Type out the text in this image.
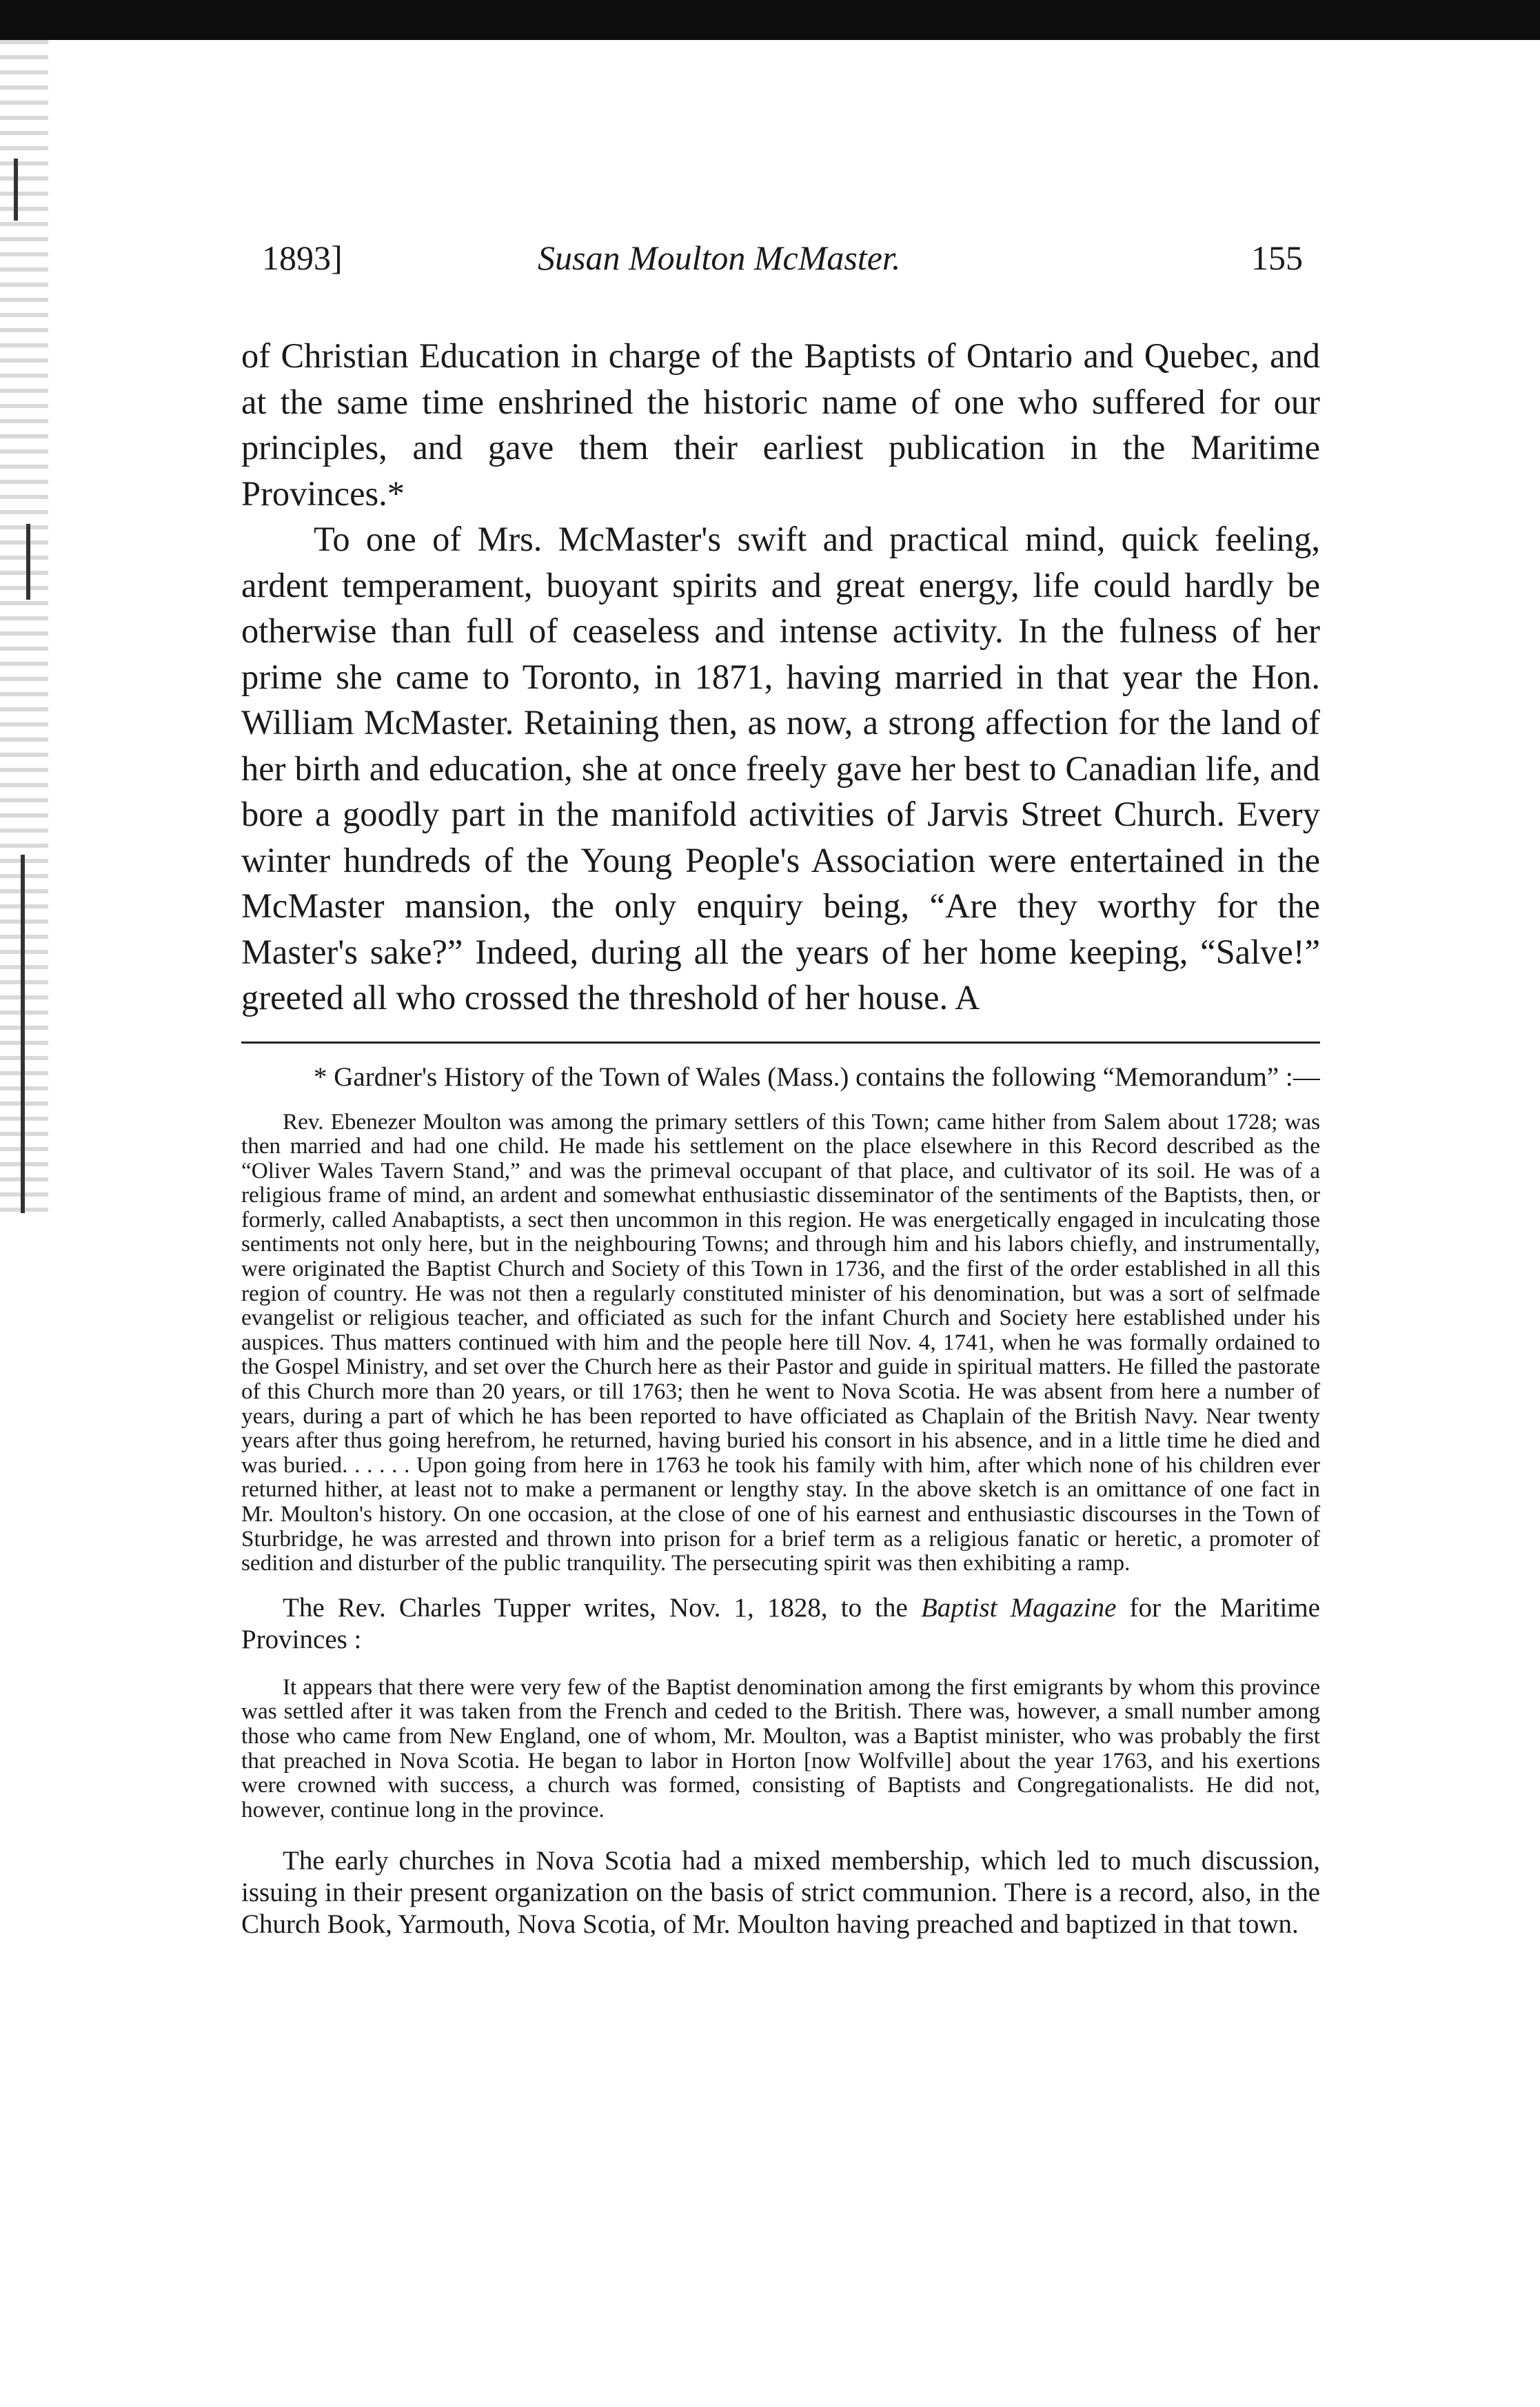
1893]	Susan Moulton McMaster.	155

of Christian Education in charge of the Baptists of Ontario and Quebec, and at the same time enshrined the historic name of one who suffered for our principles, and gave them their earliest publication in the Maritime Provinces.*

To one of Mrs. McMaster's swift and practical mind, quick feeling, ardent temperament, buoyant spirits and great energy, life could hardly be otherwise than full of ceaseless and intense activity. In the fulness of her prime she came to Toronto, in 1871, having married in that year the Hon. William McMaster. Retaining then, as now, a strong affection for the land of her birth and education, she at once freely gave her best to Canadian life, and bore a goodly part in the manifold activities of Jarvis Street Church. Every winter hundreds of the Young People's Association were entertained in the McMaster mansion, the only enquiry being, “Are they worthy for the Master's sake?” Indeed, during all the years of her home keeping, “Salve!” greeted all who crossed the threshold of her house. A

* Gardner's History of the Town of Wales (Mass.) contains the following “Memorandum” :—

Rev. Ebenezer Moulton was among the primary settlers of this Town; came hither from Salem about 1728; was then married and had one child. He made his settlement on the place elsewhere in this Record described as the “Oliver Wales Tavern Stand,” and was the primeval occupant of that place, and cultivator of its soil. He was of a religious frame of mind, an ardent and somewhat enthusiastic disseminator of the sentiments of the Baptists, then, or formerly, called Anabaptists, a sect then uncommon in this region. He was energetically engaged in inculcating those sentiments not only here, but in the neighbouring Towns; and through him and his labors chiefly, and instrumentally, were originated the Baptist Church and Society of this Town in 1736, and the first of the order established in all this region of country. He was not then a regularly constituted minister of his denomination, but was a sort of selfmade evangelist or religious teacher, and officiated as such for the infant Church and Society here established under his auspices. Thus matters continued with him and the people here till Nov. 4, 1741, when he was formally ordained to the Gospel Ministry, and set over the Church here as their Pastor and guide in spiritual matters. He filled the pastorate of this Church more than 20 years, or till 1763; then he went to Nova Scotia. He was absent from here a number of years, during a part of which he has been reported to have officiated as Chaplain of the British Navy. Near twenty years after thus going herefrom, he returned, having buried his consort in his absence, and in a little time he died and was buried. . . . . . Upon going from here in 1763 he took his family with him, after which none of his children ever returned hither, at least not to make a permanent or lengthy stay. In the above sketch is an omittance of one fact in Mr. Moulton's history. On one occasion, at the close of one of his earnest and enthusiastic discourses in the Town of Sturbridge, he was arrested and thrown into prison for a brief term as a religious fanatic or heretic, a promoter of sedition and disturber of the public tranquility. The persecuting spirit was then exhibiting a ramp.

The Rev. Charles Tupper writes, Nov. 1, 1828, to the Baptist Magazine for the Maritime Provinces :

It appears that there were very few of the Baptist denomination among the first emigrants by whom this province was settled after it was taken from the French and ceded to the British. There was, however, a small number among those who came from New England, one of whom, Mr. Moulton, was a Baptist minister, who was probably the first that preached in Nova Scotia. He began to labor in Horton [now Wolfville] about the year 1763, and his exertions were crowned with success, a church was formed, consisting of Baptists and Congregationalists. He did not, however, continue long in the province.

The early churches in Nova Scotia had a mixed membership, which led to much discussion, issuing in their present organization on the basis of strict communion. There is a record, also, in the Church Book, Yarmouth, Nova Scotia, of Mr. Moulton having preached and baptized in that town.
